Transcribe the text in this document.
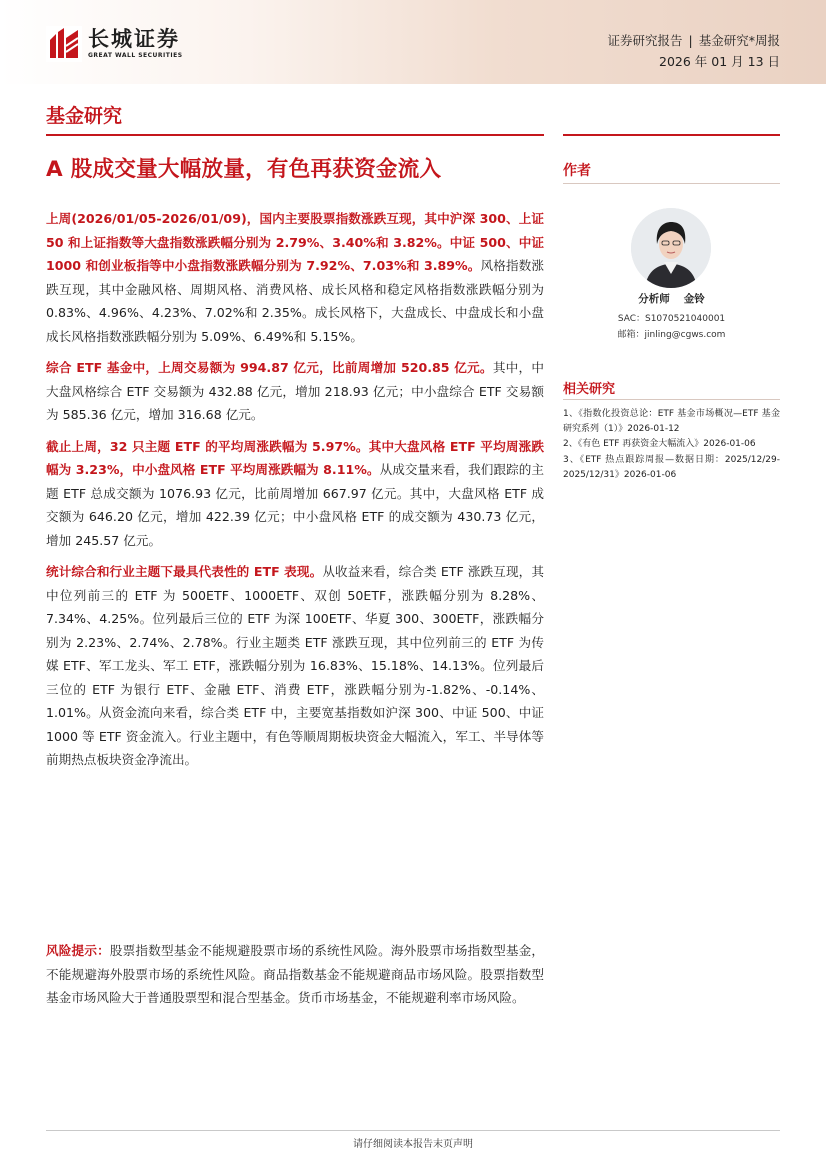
长城证券
GREAT WALL SECURITIES
证券研究报告 | 基金研究*周报
2026 年 01 月 13 日
基金研究
A 股成交量大幅放量，有色再获资金流入

上周(2026/01/05-2026/01/09)，国内主要股票指数涨跌互现，其中沪深 300、上证 50 和上证指数等大盘指数涨跌幅分别为 2.79%、3.40%和 3.82%。中证 500、中证 1000 和创业板指等中小盘指数涨跌幅分别为 7.92%、7.03%和 3.89%。风格指数涨跌互现，其中金融风格、周期风格、消费风格、成长风格和稳定风格指数涨跌幅分别为 0.83%、4.96%、4.23%、7.02%和 2.35%。成长风格下，大盘成长、中盘成长和小盘成长风格指数涨跌幅分别为 5.09%、6.49%和 5.15%。

综合 ETF 基金中，上周交易额为 994.87 亿元，比前周增加 520.85 亿元。其中，中大盘风格综合 ETF 交易额为 432.88 亿元，增加 218.93 亿元；中小盘综合 ETF 交易额为 585.36 亿元，增加 316.68 亿元。

截止上周，32 只主题 ETF 的平均周涨跌幅为 5.97%。其中大盘风格 ETF 平均周涨跌幅为 3.23%，中小盘风格 ETF 平均周涨跌幅为 8.11%。从成交量来看，我们跟踪的主题 ETF 总成交额为 1076.93 亿元，比前周增加 667.97 亿元。其中，大盘风格 ETF 成交额为 646.20 亿元，增加 422.39 亿元；中小盘风格 ETF 的成交额为 430.73 亿元，增加 245.57 亿元。

统计综合和行业主题下最具代表性的 ETF 表现。从收益来看，综合类 ETF 涨跌互现，其中位列前三的 ETF 为 500ETF、1000ETF、双创 50ETF，涨跌幅分别为 8.28%、7.34%、4.25%。位列最后三位的 ETF 为深 100ETF、华夏 300、300ETF，涨跌幅分别为 2.23%、2.74%、2.78%。行业主题类 ETF 涨跌互现，其中位列前三的 ETF 为传媒 ETF、军工龙头、军工 ETF，涨跌幅分别为 16.83%、15.18%、14.13%。位列最后三位的 ETF 为银行 ETF、金融 ETF、消费 ETF，涨跌幅分别为-1.82%、-0.14%、1.01%。从资金流向来看，综合类 ETF 中，主要宽基指数如沪深 300、中证 500、中证 1000 等 ETF 资金流入。行业主题中，有色等顺周期板块资金大幅流入，军工、半导体等前期热点板块资金净流出。

风险提示：股票指数型基金不能规避股票市场的系统性风险。海外股票市场指数型基金，不能规避海外股票市场的系统性风险。商品指数基金不能规避商品市场风险。股票指数型基金市场风险大于普通股票型和混合型基金。货币市场基金，不能规避利率市场风险。
作者
分析师 金铃
SAC：S1070521040001
邮箱：jinling@cgws.com
相关研究
1、《指数化投资总论：ETF 基金市场概况—ETF 基金研究系列（1）》2026-01-12
2、《有色 ETF 再获资金大幅流入》2026-01-06
3、《ETF 热点跟踪周报—数据日期：2025/12/29-2025/12/31》2026-01-06
请仔细阅读本报告末页声明
